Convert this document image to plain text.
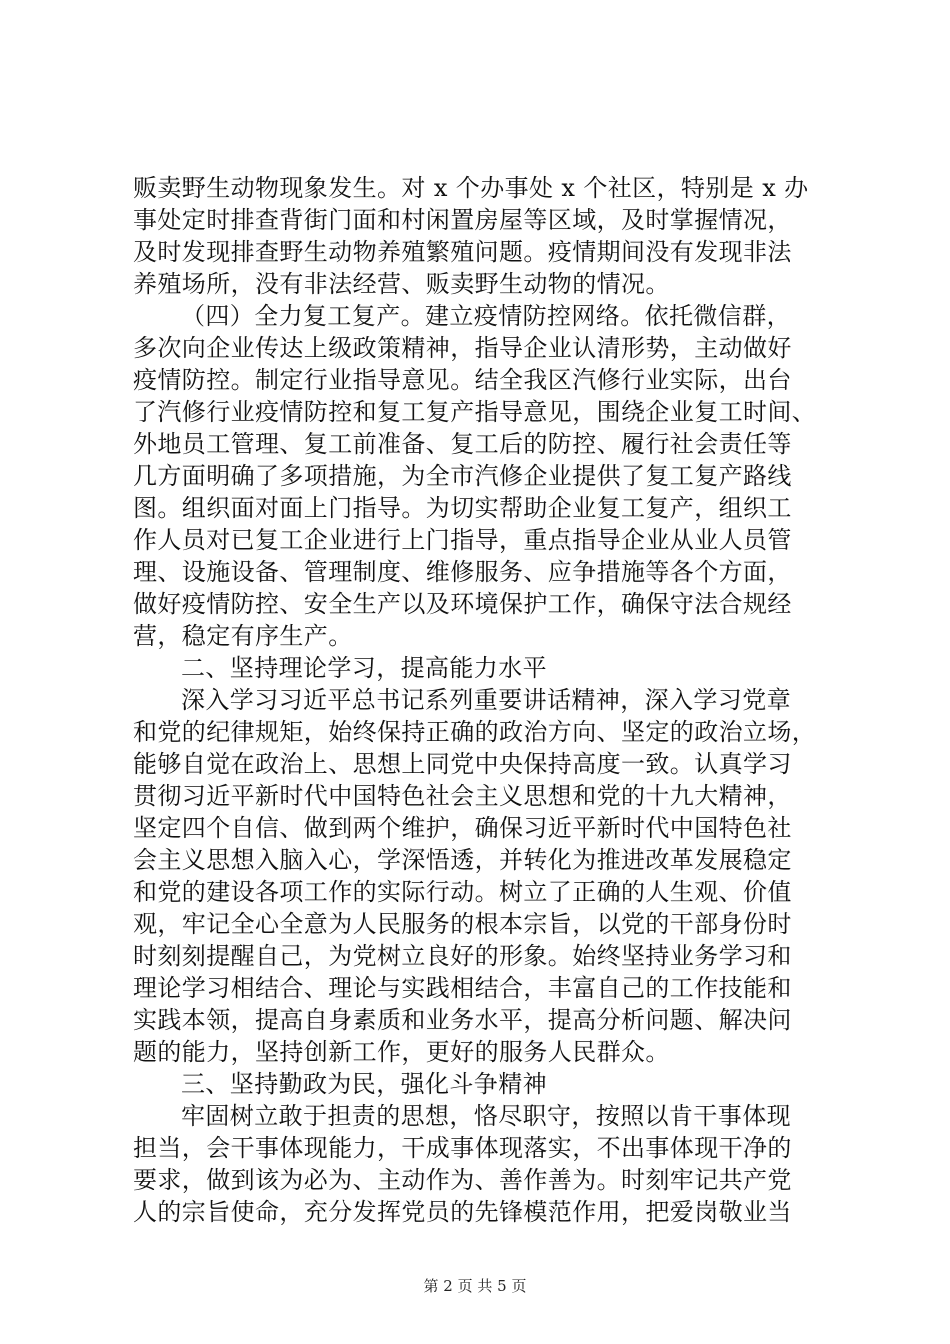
贩卖野生动物现象发生。对 x 个办事处 x 个社区，特别是 x 办
事处定时排查背街门面和村闲置房屋等区域，及时掌握情况，
及时发现排查野生动物养殖繁殖问题。疫情期间没有发现非法
养殖场所，没有非法经营、贩卖野生动物的情况。
（四）全力复工复产。建立疫情防控网络。依托微信群，
多次向企业传达上级政策精神，指导企业认清形势，主动做好
疫情防控。制定行业指导意见。结全我区汽修行业实际，出台
了汽修行业疫情防控和复工复产指导意见，围绕企业复工时间、
外地员工管理、复工前准备、复工后的防控、履行社会责任等
几方面明确了多项措施，为全市汽修企业提供了复工复产路线
图。组织面对面上门指导。为切实帮助企业复工复产，组织工
作人员对已复工企业进行上门指导，重点指导企业从业人员管
理、设施设备、管理制度、维修服务、应争措施等各个方面，
做好疫情防控、安全生产以及环境保护工作，确保守法合规经
营，稳定有序生产。
二、坚持理论学习，提高能力水平
深入学习习近平总书记系列重要讲话精神，深入学习党章
和党的纪律规矩，始终保持正确的政治方向、坚定的政治立场，
能够自觉在政治上、思想上同党中央保持高度一致。认真学习
贯彻习近平新时代中国特色社会主义思想和党的十九大精神，
坚定四个自信、做到两个维护，确保习近平新时代中国特色社
会主义思想入脑入心，学深悟透，并转化为推进改革发展稳定
和党的建设各项工作的实际行动。树立了正确的人生观、价值
观，牢记全心全意为人民服务的根本宗旨，以党的干部身份时
时刻刻提醒自己，为党树立良好的形象。始终坚持业务学习和
理论学习相结合、理论与实践相结合，丰富自己的工作技能和
实践本领，提高自身素质和业务水平，提高分析问题、解决问
题的能力，坚持创新工作，更好的服务人民群众。
三、坚持勤政为民，强化斗争精神
牢固树立敢于担责的思想，恪尽职守，按照以肯干事体现
担当，会干事体现能力，干成事体现落实，不出事体现干净的
要求，做到该为必为、主动作为、善作善为。时刻牢记共产党
人的宗旨使命，充分发挥党员的先锋模范作用，把爱岗敬业当
第 2 页 共 5 页
